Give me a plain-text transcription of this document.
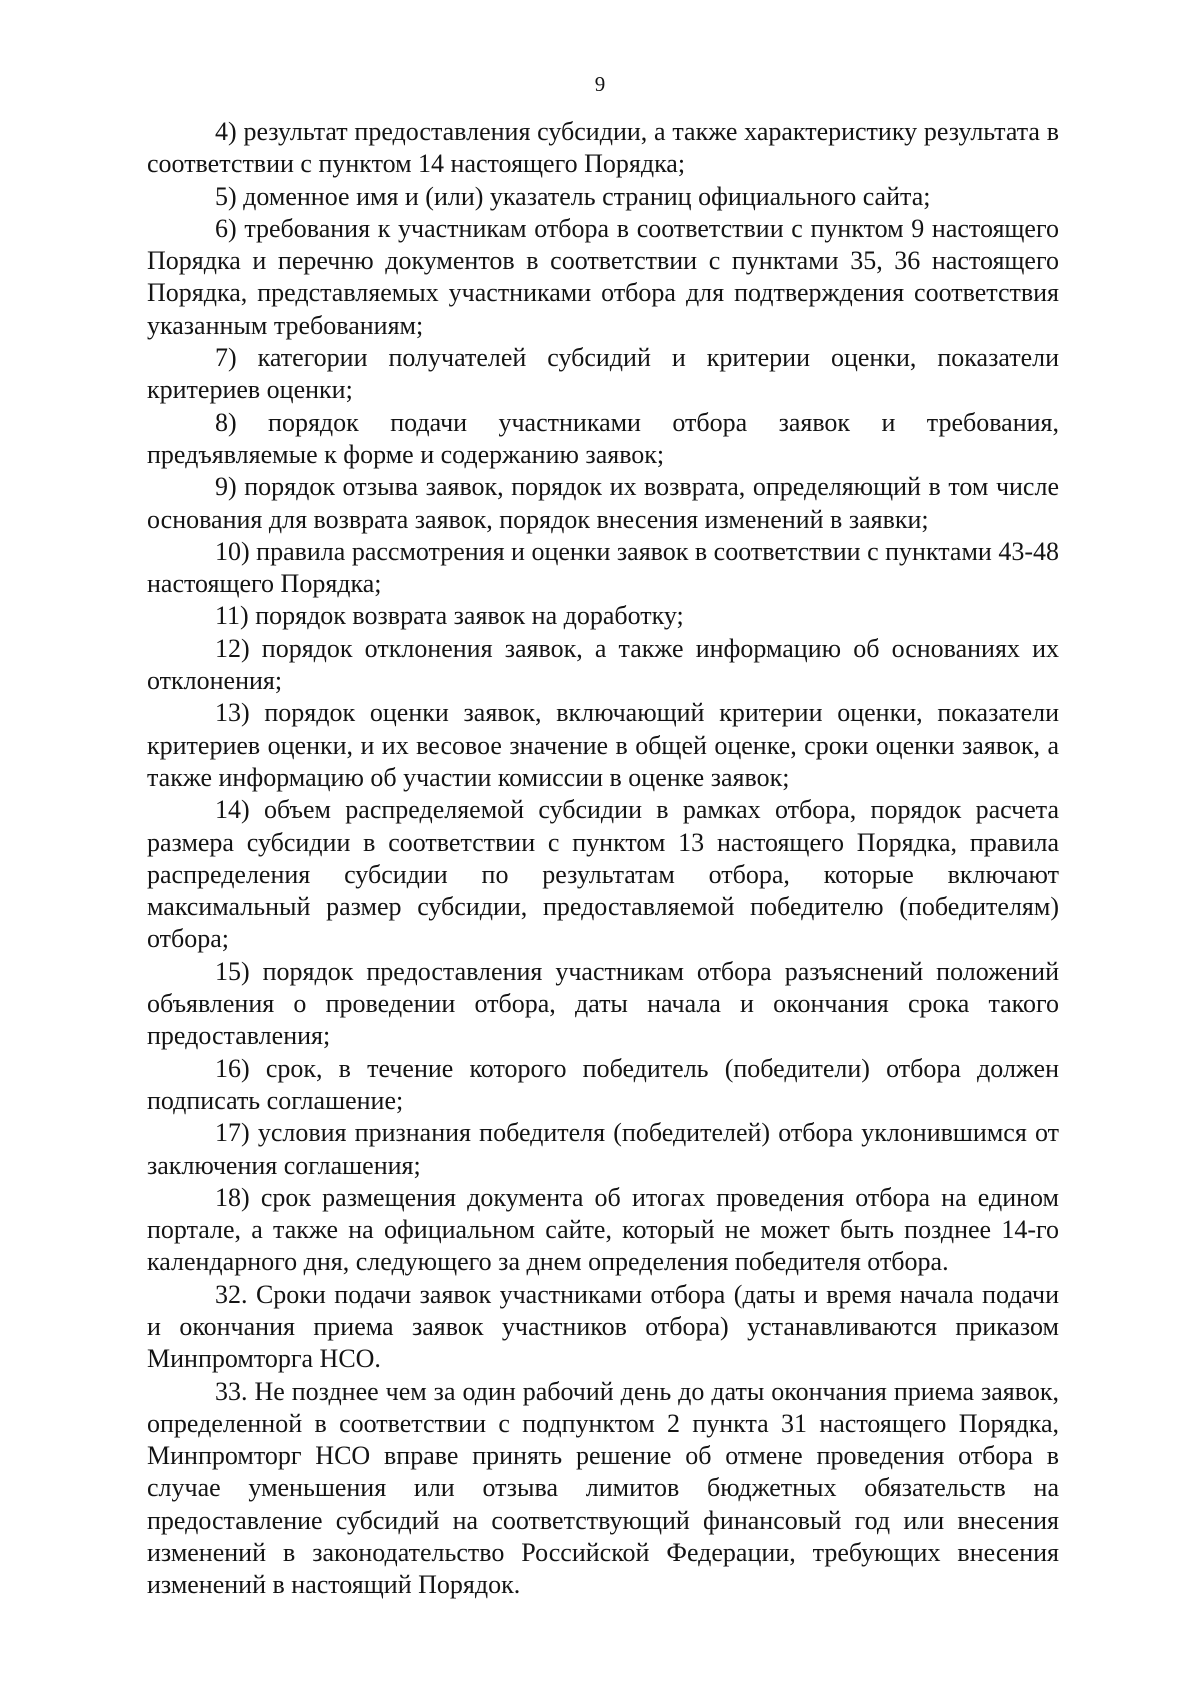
9

4) результат предоставления субсидии, а также характеристику результата в соответствии с пунктом 14 настоящего Порядка;

5) доменное имя и (или) указатель страниц официального сайта;

6) требования к участникам отбора в соответствии с пунктом 9 настоящего Порядка и перечню документов в соответствии с пунктами 35, 36 настоящего Порядка, представляемых участниками отбора для подтверждения соответствия указанным требованиям;

7) категории получателей субсидий и критерии оценки, показатели критериев оценки;

8) порядок подачи участниками отбора заявок и требования, предъявляемые к форме и содержанию заявок;

9) порядок отзыва заявок, порядок их возврата, определяющий в том числе основания для возврата заявок, порядок внесения изменений в заявки;

10) правила рассмотрения и оценки заявок в соответствии с пунктами 43-48 настоящего Порядка;

11) порядок возврата заявок на доработку;

12) порядок отклонения заявок, а также информацию об основаниях их отклонения;

13) порядок оценки заявок, включающий критерии оценки, показатели критериев оценки, и их весовое значение в общей оценке, сроки оценки заявок, а также информацию об участии комиссии в оценке заявок;

14) объем распределяемой субсидии в рамках отбора, порядок расчета размера субсидии в соответствии с пунктом 13 настоящего Порядка, правила распределения субсидии по результатам отбора, которые включают максимальный размер субсидии, предоставляемой победителю (победителям) отбора;

15) порядок предоставления участникам отбора разъяснений положений объявления о проведении отбора, даты начала и окончания срока такого предоставления;

16) срок, в течение которого победитель (победители) отбора должен подписать соглашение;

17) условия признания победителя (победителей) отбора уклонившимся от заключения соглашения;

18) срок размещения документа об итогах проведения отбора на едином портале, а также на официальном сайте, который не может быть позднее 14-го календарного дня, следующего за днем определения победителя отбора.

32. Сроки подачи заявок участниками отбора (даты и время начала подачи и окончания приема заявок участников отбора) устанавливаются приказом Минпромторга НСО.

33. Не позднее чем за один рабочий день до даты окончания приема заявок, определенной в соответствии с подпунктом 2 пункта 31 настоящего Порядка, Минпромторг НСО вправе принять решение об отмене проведения отбора в случае уменьшения или отзыва лимитов бюджетных обязательств на предоставление субсидий на соответствующий финансовый год или внесения изменений в законодательство Российской Федерации, требующих внесения изменений в настоящий Порядок.
